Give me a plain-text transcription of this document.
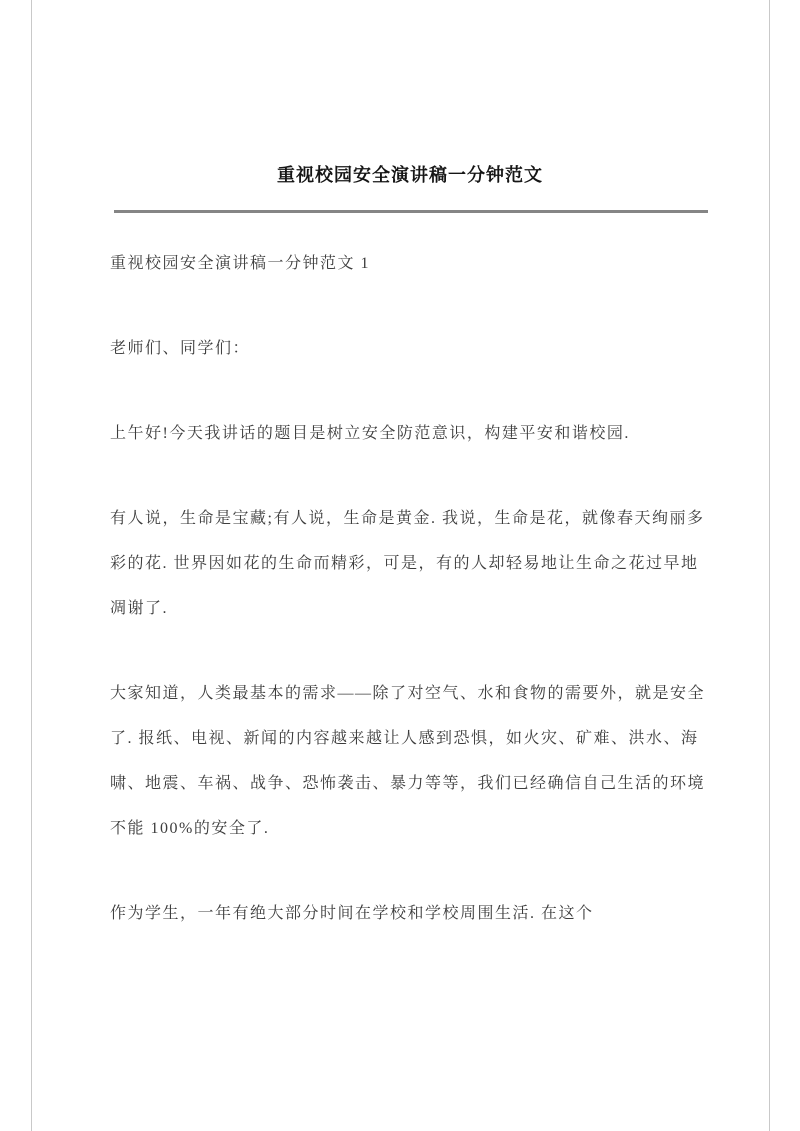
重视校园安全演讲稿一分钟范文

重视校园安全演讲稿一分钟范文 1

老师们、同学们：

上午好!今天我讲话的题目是树立安全防范意识，构建平安和谐校园.

有人说，生命是宝藏;有人说，生命是黄金. 我说，生命是花，就像春天绚丽多彩的花. 世界因如花的生命而精彩，可是，有的人却轻易地让生命之花过早地凋谢了.

大家知道，人类最基本的需求——除了对空气、水和食物的需要外，就是安全了. 报纸、电视、新闻的内容越来越让人感到恐惧，如火灾、矿难、洪水、海啸、地震、车祸、战争、恐怖袭击、暴力等等，我们已经确信自己生活的环境不能 100%的安全了.

作为学生，一年有绝大部分时间在学校和学校周围生活. 在这个
